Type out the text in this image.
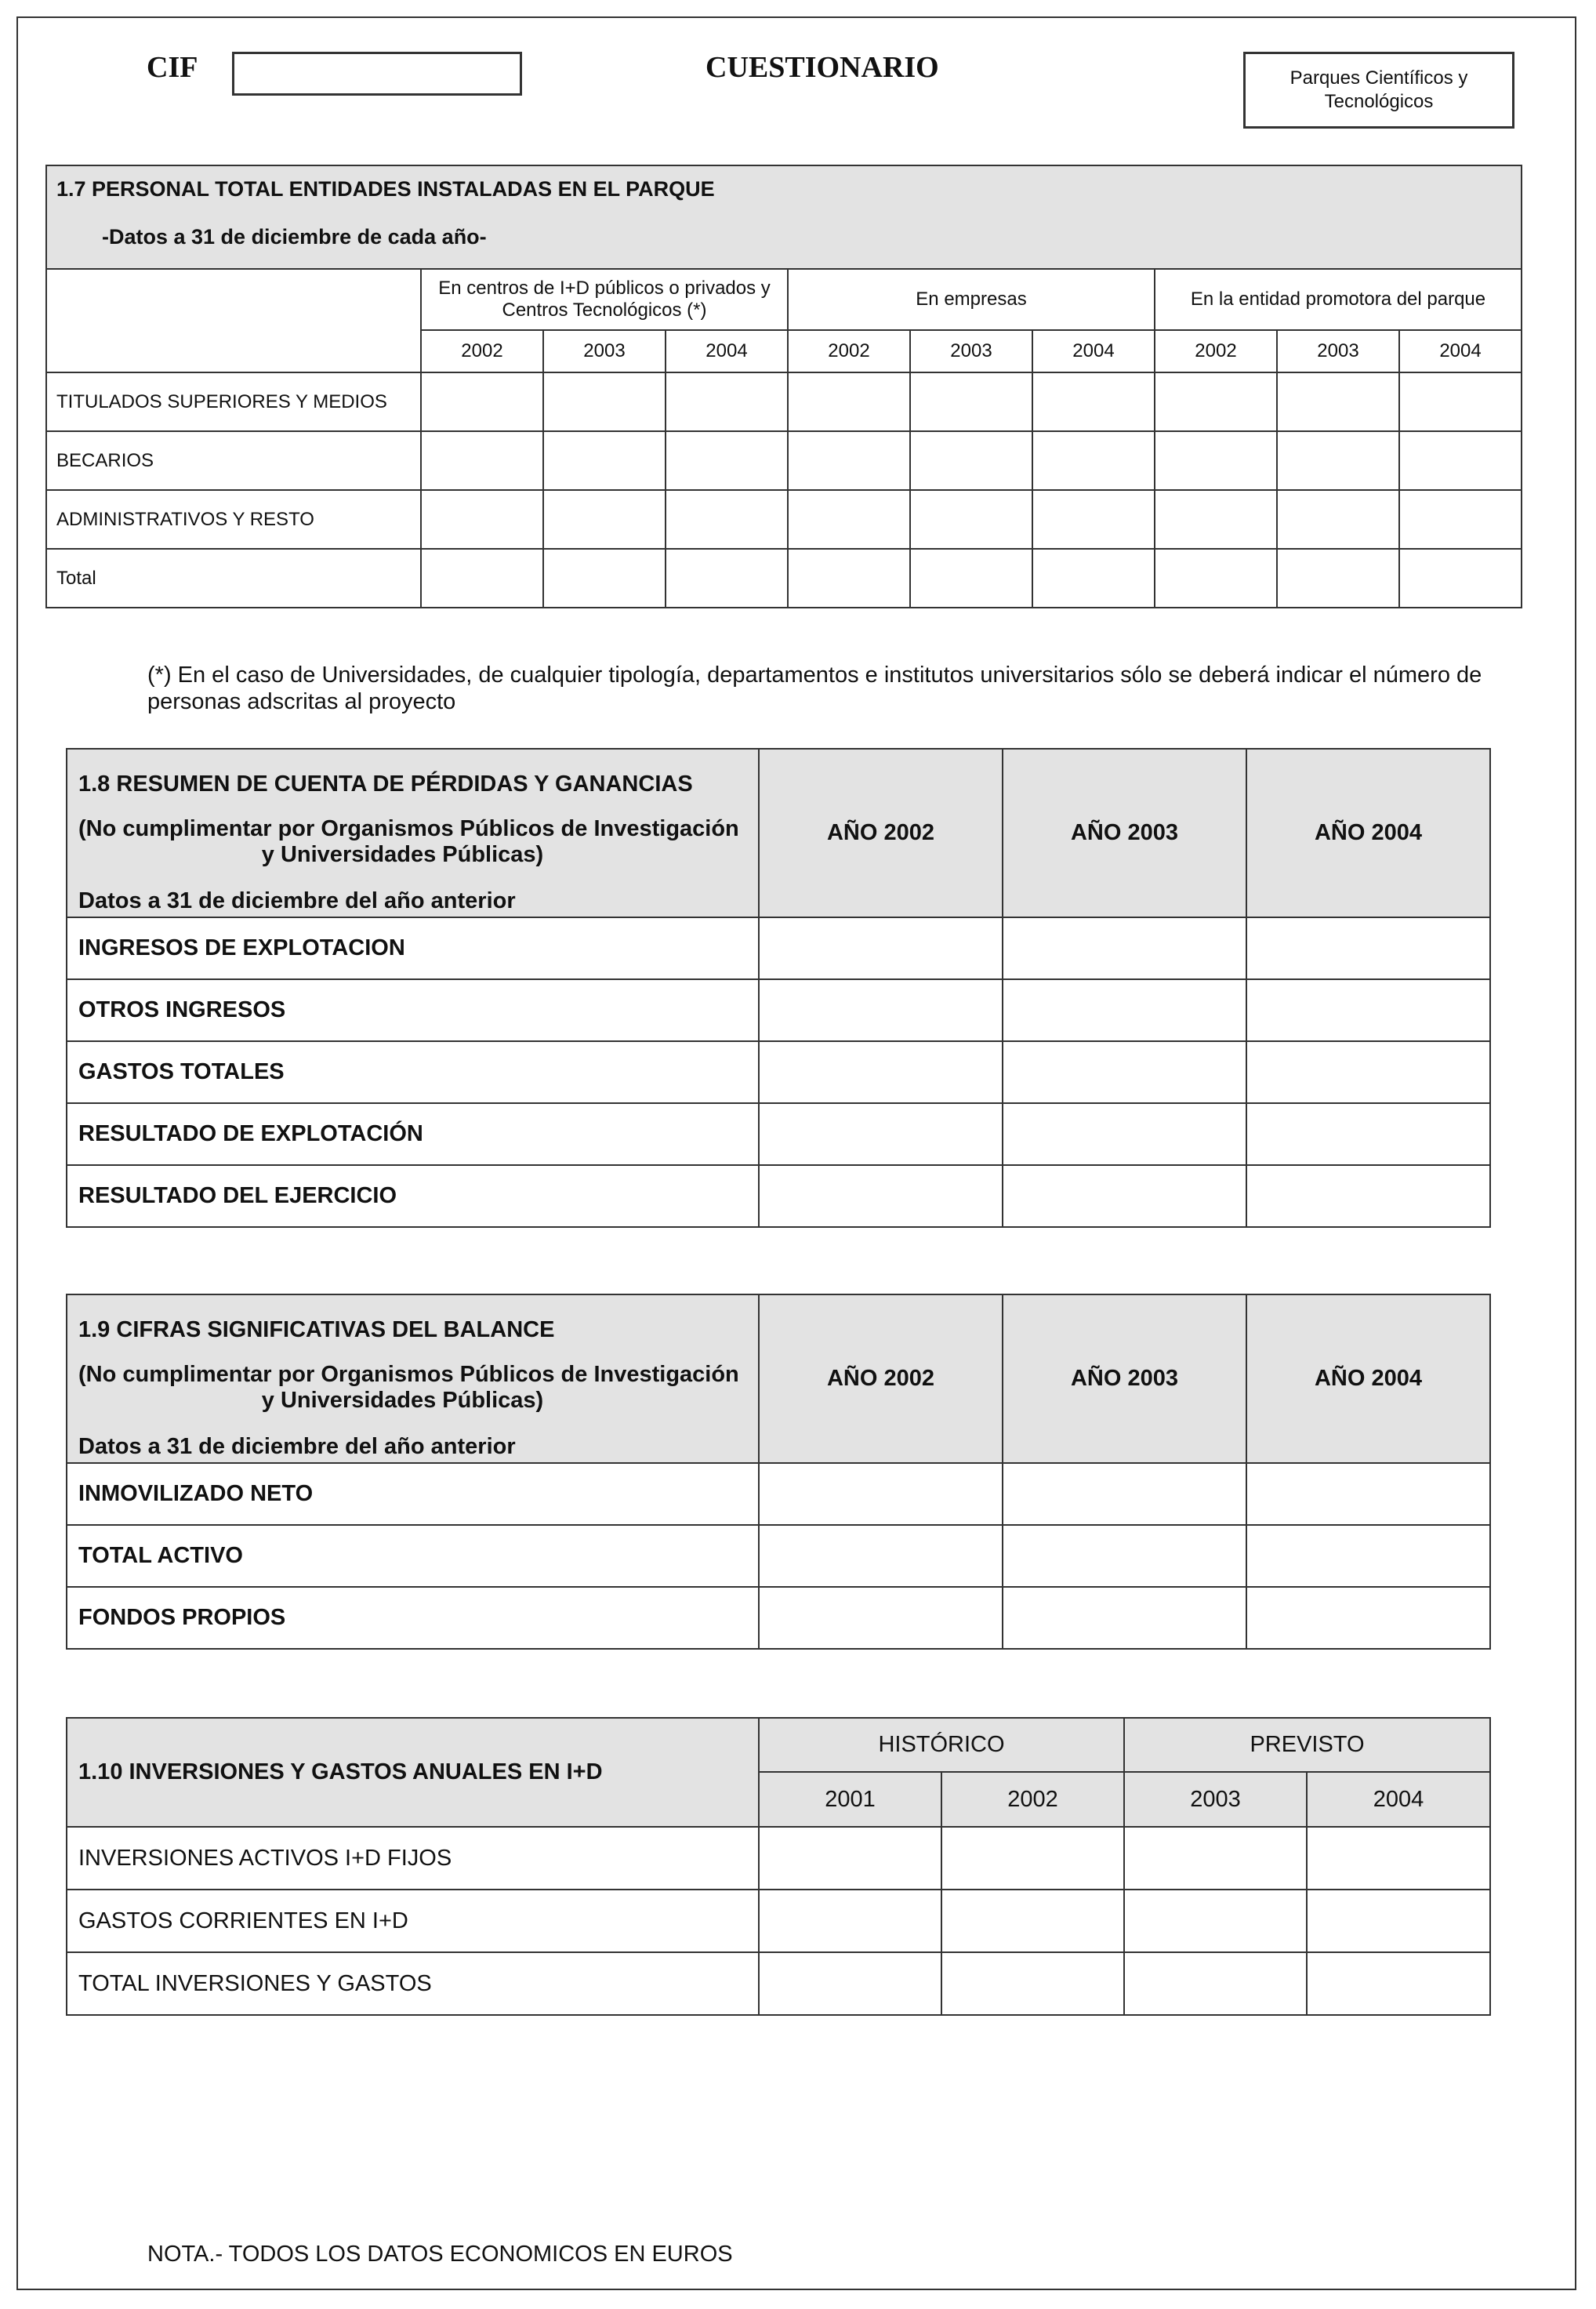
CIF	CUESTIONARIO	Parques Científicos y Tecnológicos
1.7 PERSONAL TOTAL ENTIDADES INSTALADAS EN EL PARQUE
-Datos a 31 de diciembre de cada año-									

	En centros de I+D públicos o privados y Centros Tecnológicos (*)			En empresas			En la entidad promotora del parque		
	2002	2003	2004	2002	2003	2004	2002	2003	2004
TITULADOS SUPERIORES Y MEDIOS									
BECARIOS									
ADMINISTRATIVOS Y RESTO									
Total									
(*) En el caso de Universidades, de cualquier tipología, departamentos e institutos universitarios sólo se deberá indicar el número de personas adscritas al proyecto
1.8 RESUMEN DE CUENTA DE PÉRDIDAS Y GANANCIAS
(No cumplimentar por Organismos Públicos de Investigación
y Universidades Públicas)
Datos a 31 de diciembre del año anterior	AÑO 2002	AÑO 2003	AÑO 2004
INGRESOS DE EXPLOTACION			
OTROS INGRESOS			
GASTOS TOTALES			
RESULTADO DE EXPLOTACIÓN			
RESULTADO DEL EJERCICIO			
1.9 CIFRAS SIGNIFICATIVAS DEL BALANCE
(No cumplimentar por Organismos Públicos de Investigación
y Universidades Públicas)
Datos a 31 de diciembre del año anterior	AÑO 2002	AÑO 2003	AÑO 2004
INMOVILIZADO NETO			
TOTAL ACTIVO			
FONDOS PROPIOS			
1.10 INVERSIONES Y GASTOS ANUALES EN I+D	HISTÓRICO		PREVISTO	
	2001	2002	2003	2004
INVERSIONES ACTIVOS I+D FIJOS				
GASTOS CORRIENTES EN I+D				
TOTAL INVERSIONES Y GASTOS				
NOTA.- TODOS LOS DATOS ECONOMICOS EN EUROS
